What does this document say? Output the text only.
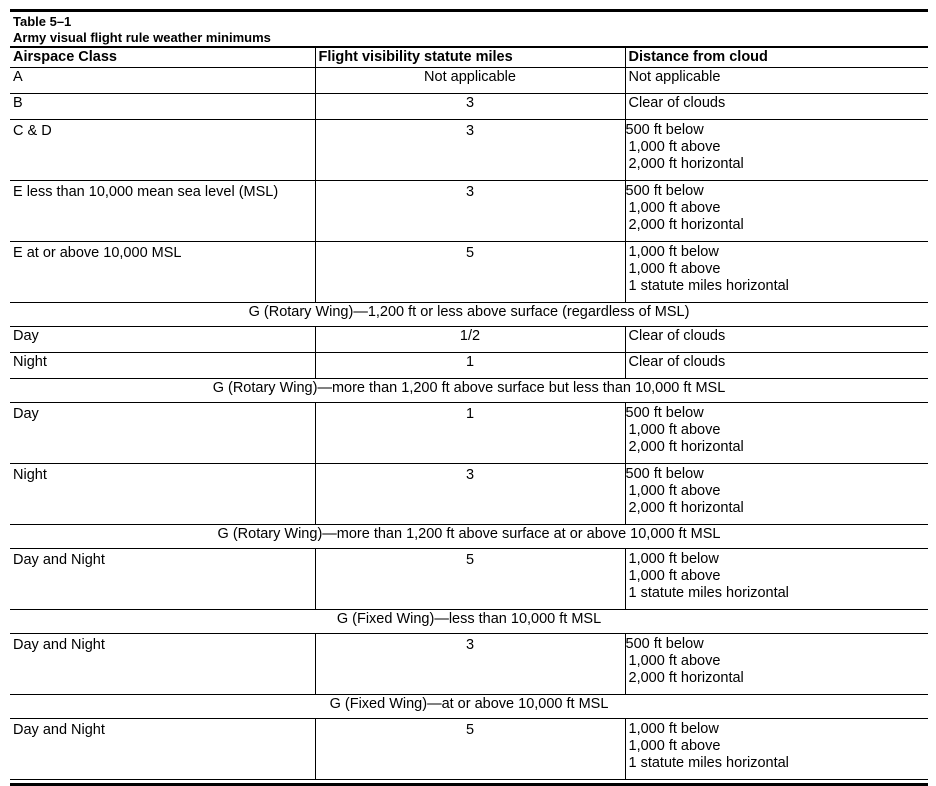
Table 5–1
Army visual flight rule weather minimums
Airspace Class	Flight visibility statute miles	Distance from cloud
A	Not applicable	Not applicable

B	3	Clear of clouds

C & D	3	500 ft below
1,000 ft above
2,000 ft horizontal

E less than 10,000 mean sea level (MSL)	3	500 ft below
1,000 ft above
2,000 ft horizontal

E at or above 10,000 MSL	5	1,000 ft below
1,000 ft above
1 statute miles horizontal

G (Rotary Wing)—1,200 ft or less above surface (regardless of MSL)		
Day	1/2	Clear of clouds

Night	1	Clear of clouds

G (Rotary Wing)—more than 1,200 ft above surface but less than 10,000 ft MSL		
Day	1	500 ft below
1,000 ft above
2,000 ft horizontal

Night	3	500 ft below
1,000 ft above
2,000 ft horizontal

G (Rotary Wing)—more than 1,200 ft above surface at or above 10,000 ft MSL		
Day and Night	5	1,000 ft below
1,000 ft above
1 statute miles horizontal

G (Fixed Wing)—less than 10,000 ft MSL		
Day and Night	3	500 ft below
1,000 ft above
2,000 ft horizontal

G (Fixed Wing)—at or above 10,000 ft MSL		
Day and Night	5	1,000 ft below
1,000 ft above
1 statute miles horizontal
